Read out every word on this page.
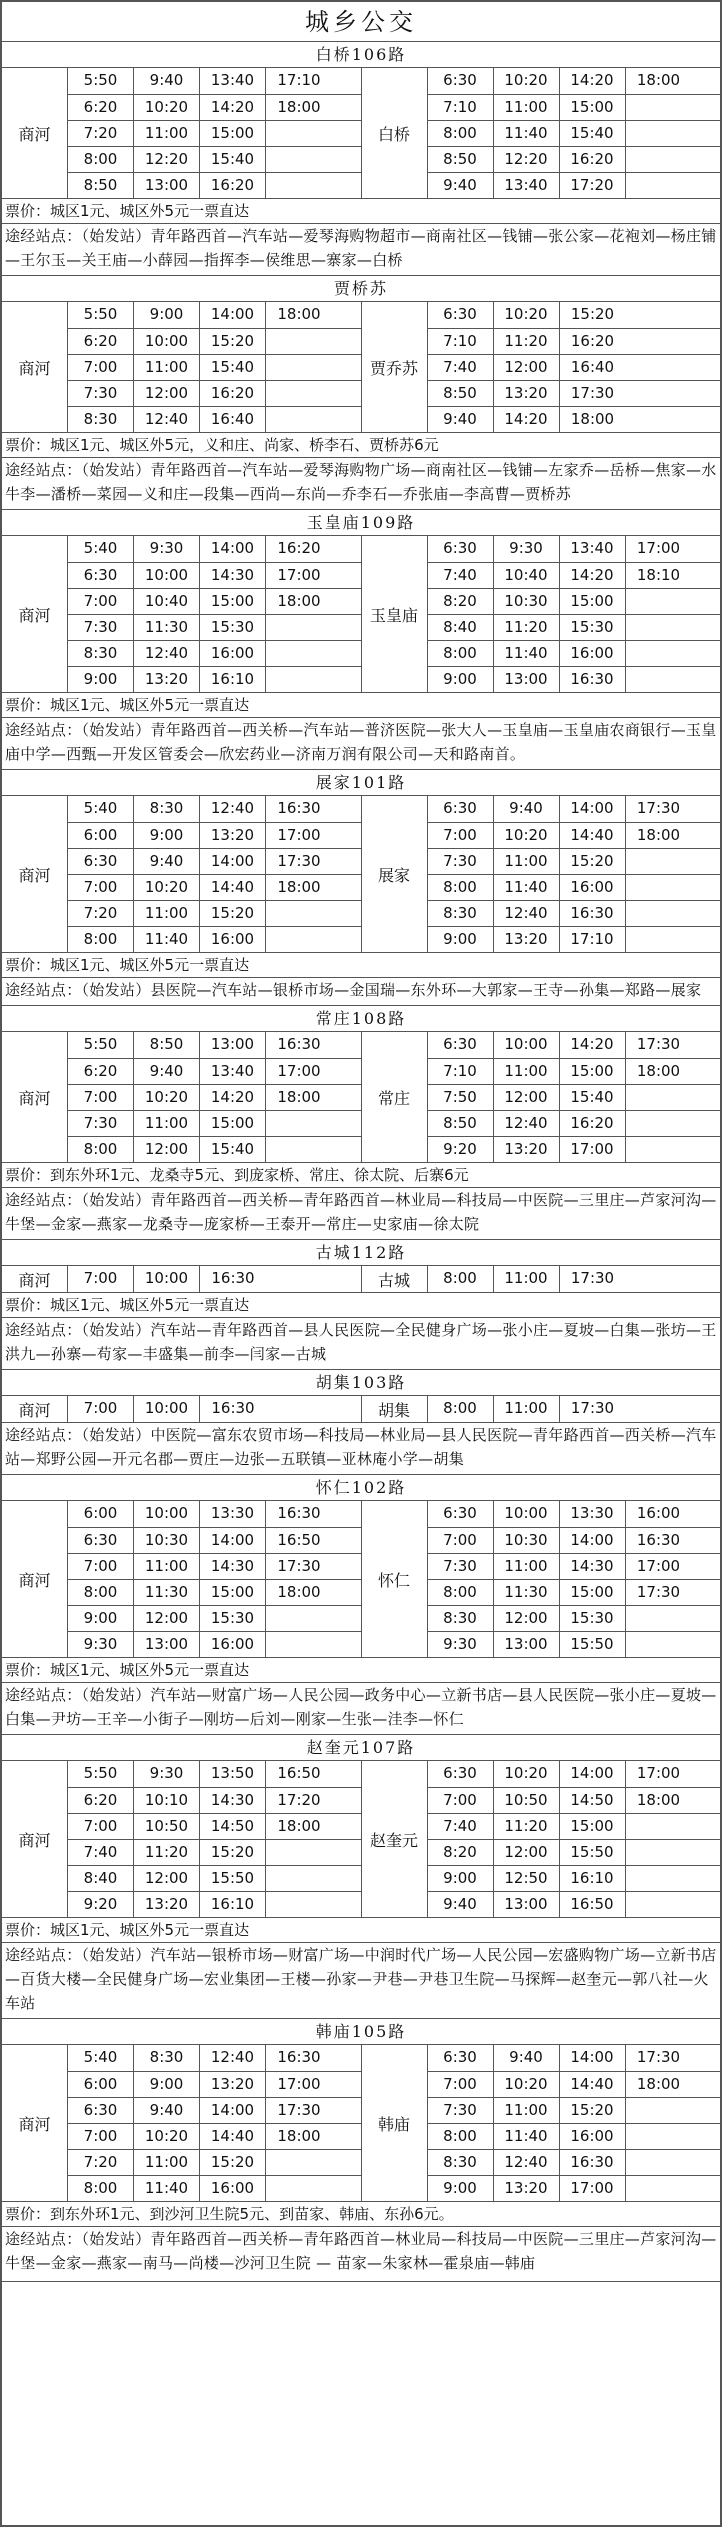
城乡公交
白桥106路
商河
5:50	9:40	13:40	17:10
6:20	10:20	14:20	18:00
7:20	11:00	15:00
8:00	12:20	15:40
8:50	13:00	16:20
白桥
6:30	10:20	14:20	18:00
7:10	11:00	15:00
8:00	11:40	15:40
8:50	12:20	16:20
9:40	13:40	17:20
票价：城区1元、城区外5元一票直达
途经站点：（始发站）青年路西首—汽车站—爱琴海购物超市—商南社区—钱铺—张公家—花袍刘—杨庄铺—王尔玉—关王庙—小薛园—指挥李—侯维思—寨家—白桥
贾桥苏
商河
5:50	9:00	14:00	18:00
6:20	10:00	15:20
7:00	11:00	15:40
7:30	12:00	16:20
8:30	12:40	16:40
贾乔苏
6:30	10:20	15:20
7:10	11:20	16:20
7:40	12:00	16:40
8:50	13:20	17:30
9:40	14:20	18:00
票价：城区1元、城区外5元，义和庄、尚家、桥李石、贾桥苏6元
途经站点：（始发站）青年路西首—汽车站—爱琴海购物广场—商南社区—钱铺—左家乔—岳桥—焦家—水牛李—潘桥—菜园—义和庄—段集—西尚—东尚—乔李石—乔张庙—李高曹—贾桥苏
玉皇庙109路
商河
5:40	9:30	14:00	16:20
6:30	10:00	14:30	17:00
7:00	10:40	15:00	18:00
7:30	11:30	15:30
8:30	12:40	16:00
9:00	13:20	16:10
玉皇庙
6:30	9:30	13:40	17:00
7:40	10:40	14:20	18:10
8:20	10:30	15:00
8:40	11:20	15:30
8:00	11:40	16:00
9:00	13:00	16:30
票价：城区1元、城区外5元一票直达
途经站点：（始发站）青年路西首—西关桥—汽车站—普济医院—张大人—玉皇庙—玉皇庙农商银行—玉皇庙中学—西甄—开发区管委会—欣宏药业—济南万润有限公司—天和路南首。
展家101路
商河
5:40	8:30	12:40	16:30
6:00	9:00	13:20	17:00
6:30	9:40	14:00	17:30
7:00	10:20	14:40	18:00
7:20	11:00	15:20
8:00	11:40	16:00
展家
6:30	9:40	14:00	17:30
7:00	10:20	14:40	18:00
7:30	11:00	15:20
8:00	11:40	16:00
8:30	12:40	16:30
9:00	13:20	17:10
票价：城区1元、城区外5元一票直达
途经站点：（始发站）县医院—汽车站—银桥市场—金国瑞—东外环—大郭家—王寺—孙集—郑路—展家
常庄108路
商河
5:50	8:50	13:00	16:30
6:20	9:40	13:40	17:00
7:00	10:20	14:20	18:00
7:30	11:00	15:00
8:00	12:00	15:40
常庄
6:30	10:00	14:20	17:30
7:10	11:00	15:00	18:00
7:50	12:00	15:40
8:50	12:40	16:20
9:20	13:20	17:00
票价：到东外环1元、龙桑寺5元、到庞家桥、常庄、徐太院、后寨6元
途经站点：（始发站）青年路西首—西关桥—青年路西首—林业局—科技局—中医院—三里庄—芦家河沟—牛堡—金家—燕家—龙桑寺—庞家桥—王泰开—常庄—史家庙—徐太院
古城112路
商河	7:00	10:00	16:30	古城	8:00	11:00	17:30
票价：城区1元、城区外5元一票直达
途经站点：（始发站）汽车站—青年路西首—县人民医院—全民健身广场—张小庄—夏坡—白集—张坊—王洪九—孙寨—苟家—丰盛集—前李—闫家—古城
胡集103路
商河	7:00	10:00	16:30	胡集	8:00	11:00	17:30
途经站点：（始发站）中医院—富东农贸市场—科技局—林业局—县人民医院—青年路西首—西关桥—汽车站—郑野公园—开元名郡—贾庄—边张—五联镇—亚林庵小学—胡集
怀仁102路
商河
6:00	10:00	13:30	16:30
6:30	10:30	14:00	16:50
7:00	11:00	14:30	17:30
8:00	11:30	15:00	18:00
9:00	12:00	15:30
9:30	13:00	16:00
怀仁
6:30	10:00	13:30	16:00
7:00	10:30	14:00	16:30
7:30	11:00	14:30	17:00
8:00	11:30	15:00	17:30
8:30	12:00	15:30
9:30	13:00	15:50
票价：城区1元、城区外5元一票直达
途经站点：（始发站）汽车站—财富广场—人民公园—政务中心—立新书店—县人民医院—张小庄—夏坡—白集—尹坊—王辛—小街子—刚坊—后刘—刚家—生张—洼李—怀仁
赵奎元107路
商河
5:50	9:30	13:50	16:50
6:20	10:10	14:30	17:20
7:00	10:50	14:50	18:00
7:40	11:20	15:20
8:40	12:00	15:50
9:20	13:20	16:10
赵奎元
6:30	10:20	14:00	17:00
7:00	10:50	14:50	18:00
7:40	11:20	15:00
8:20	12:00	15:50
9:00	12:50	16:10
9:40	13:00	16:50
票价：城区1元、城区外5元一票直达
途经站点：（始发站）汽车站—银桥市场—财富广场—中润时代广场—人民公园—宏盛购物广场—立新书店—百货大楼—全民健身广场—宏业集团—王楼—孙家—尹巷—尹巷卫生院—马探辉—赵奎元—郭八社—火车站
韩庙105路
商河
5:40	8:30	12:40	16:30
6:00	9:00	13:20	17:00
6:30	9:40	14:00	17:30
7:00	10:20	14:40	18:00
7:20	11:00	15:20
8:00	11:40	16:00
韩庙
6:30	9:40	14:00	17:30
7:00	10:20	14:40	18:00
7:30	11:00	15:20
8:00	11:40	16:00
8:30	12:40	16:30
9:00	13:20	17:00
票价：到东外环1元、到沙河卫生院5元、到苗家、韩庙、东孙6元。
途经站点：（始发站）青年路西首—西关桥—青年路西首—林业局—科技局—中医院—三里庄—芦家河沟—牛堡—金家—燕家—南马—尚楼—沙河卫生院 — 苗家—朱家林—霍泉庙—韩庙
